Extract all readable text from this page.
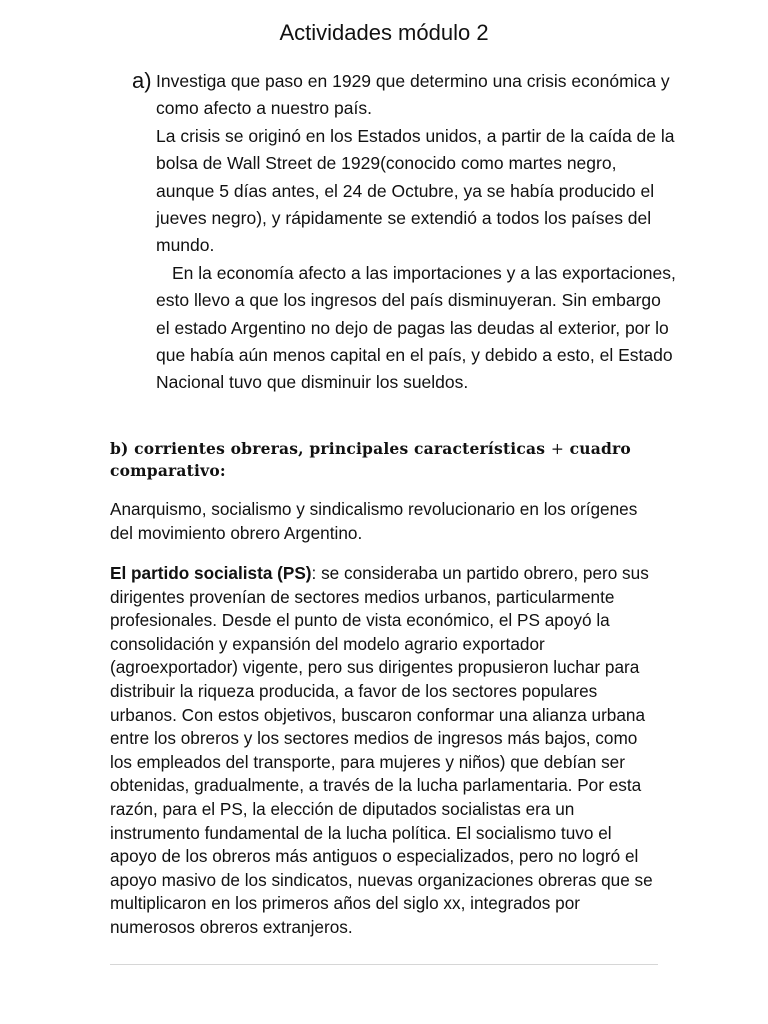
Actividades módulo 2
a) Investiga que paso en 1929 que determino una crisis económica y como afecto a nuestro país.

La crisis se originó en los Estados unidos, a partir de la caída de la bolsa de Wall Street de 1929(conocido como martes negro, aunque 5 días antes, el 24 de Octubre, ya se había producido el jueves negro), y rápidamente se extendió a todos los países del mundo.

En la economía afecto a las importaciones y a las exportaciones, esto llevo a que los ingresos del país disminuyeran. Sin embargo el estado Argentino no dejo de pagas las deudas al exterior, por lo que había aún menos capital en el país, y debido a esto, el Estado Nacional tuvo que disminuir los sueldos.

b) corrientes obreras, principales características + cuadro comparativo:

Anarquismo, socialismo y sindicalismo revolucionario en los orígenes del movimiento obrero Argentino.

El partido socialista (PS): se consideraba un partido obrero, pero sus dirigentes provenían de sectores medios urbanos, particularmente profesionales. Desde el punto de vista económico, el PS apoyó la consolidación y expansión del modelo agrario exportador (agroexportador) vigente, pero sus dirigentes propusieron luchar para distribuir la riqueza producida, a favor de los sectores populares urbanos. Con estos objetivos, buscaron conformar una alianza urbana entre los obreros y los sectores medios de ingresos más bajos, como los empleados del transporte, para mujeres y niños) que debían ser obtenidas, gradualmente, a través de la lucha parlamentaria. Por esta razón, para el PS, la elección de diputados socialistas era un instrumento fundamental de la lucha política. El socialismo tuvo el apoyo de los obreros más antiguos o especializados, pero no logró el apoyo masivo de los sindicatos, nuevas organizaciones obreras que se multiplicaron en los primeros años del siglo xx, integrados por numerosos obreros extranjeros.
